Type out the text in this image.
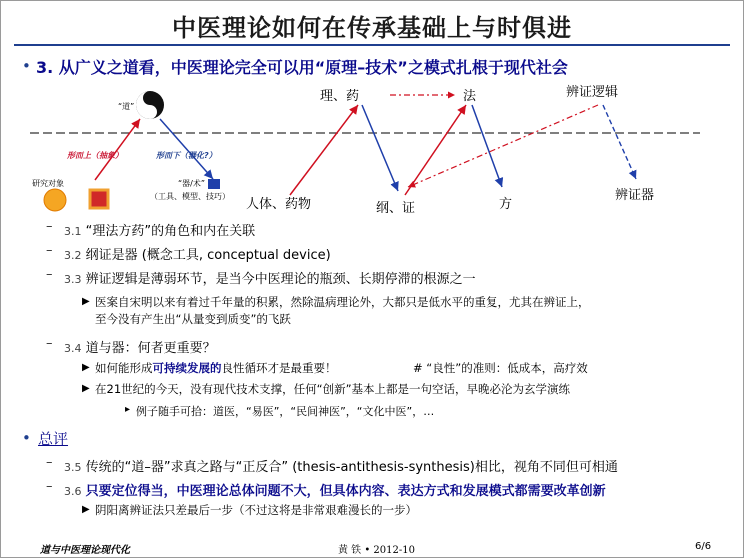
中医理论如何在传承基础上与时俱进
• 3. 从广义之道看，中医理论完全可以用“原理–技术”之模式扎根于现代社会
“道”
形而上（抽象）	形而下（器化?）
研究对象	“器/术”
（工具、模型、技巧）
理、药	法	辨证逻辑
人体、药物	纲、证	方
辨证器
– 3.1 “理法方药”的角色和内在关联
– 3.2 纲证是器 (概念工具, conceptual device)
– 3.3 辨证逻辑是薄弱环节，是当今中医理论的瓶颈、长期停滞的根源之一
▶ 医案自宋明以来有着过千年量的积累，然除温病理论外，大都只是低水平的重复，尤其在辨证上，
至今没有产生出“从量变到质变”的飞跃
– 3.4 道与器：何者更重要？
▶ 如何能形成可持续发展的良性循环才是最重要！	# “良性”的准则：低成本，高疗效
▶ 在21世纪的今天，没有现代技术支撑，任何“创新”基本上都是一句空话，早晚必沦为玄学演练
▸ 例子随手可拾：道医，“易医”，“民间神医”，“文化中医”，…
• 总评
– 3.5 传统的“道–器”求真之路与“正反合” (thesis-antithesis-synthesis)相比，视角不同但可相通
– 3.6 只要定位得当，中医理论总体问题不大，但具体内容、表达方式和发展模式都需要改革创新
▶ 阴阳离辨证法只差最后一步（不过这将是非常艰难漫长的一步）
道与中医理论现代化	黄 铁 • 2012-10	6/6
